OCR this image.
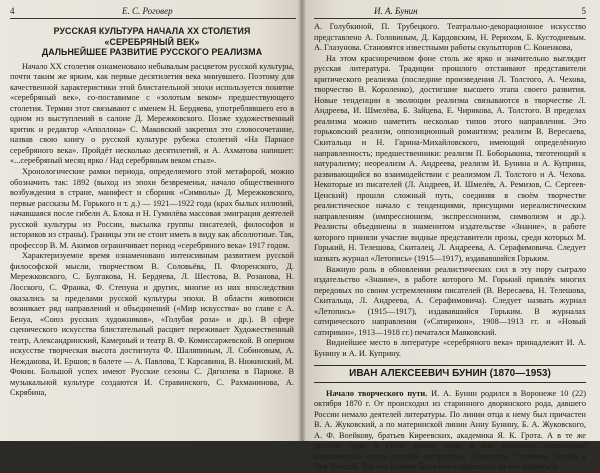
4	Е. С. Роговер
РУССКАЯ КУЛЬТУРА НАЧАЛА XX СТОЛЕТИЯ
«СЕРЕБРЯНЫЙ ВЕК»
ДАЛЬНЕЙШЕЕ РАЗВИТИЕ РУССКОГО РЕАЛИЗМА

Начало XX столетия ознаменовано небывалым расцветом русской культуры, почти таким же ярким, как первые десятилетия века минувшего. Поэтому для качественной характеристики этой блистательной эпохи используется понятие «серебряный век», со-поставимое с «золотым веком» предшествующего столетия. Термин этот связывают с именем Н. Бердяева, употреблявшего его в одном из выступлений в салоне Д. Мережковского. Позже художественный критик и редактор «Аполлона» С. Маковский закрепил это словосочетание, назвав свою книгу о русской культуре рубежа столетий «На Парнасе серебряного века». Пройдёт несколько десятилетий, и А. Ахматова напишет: «...серебряный месяц ярко / Над серебряным веком стыл».

Хронологические рамки периода, определяемого этой метафорой, можно обозначить так: 1892 (выход из эпохи безвременья, начало общественного возбуждения в стране, манифест и сборник «Символы» Д. Мережковского, первые рассказы М. Горького и т. д.) — 1921—1922 года (крах былых иллюзий, начавшаяся после гибели А. Блока и Н. Гумилёва массовая эмиграция деятелей русской культуры из России, высылка группы писателей, философов и историков из страны). Границы эти не стоит иметь в виду как абсолютные. Так, профессор В. М. Акимов ограничивает период «серебряного века» 1917 годом.

Характеризуемое время ознаменовано интенсивным развитием русской философской мысли, творчеством В. Соловьёва, П. Флоренского, Д. Мережковского, С. Булгакова, Н. Бердяева, Л. Шестова, В. Розанова, Н. Лосского, С. Франка, Ф. Степуна и других, многие из них впоследствии оказались за пределами русской культуры эпохи. В области живописи возникает ряд направлений и объединений («Мир искусства» во главе с А. Бенуа, «Союз русских художников», «Голубая роза» и др.). В сфере сценического искусства блистательный расцвет переживает Художественный театр, Александринский, Камерный и театр В. Ф. Комиссаржевской. В оперном искусстве творческая высота достигнута Ф. Шаляпиным, Л. Собиновым, А. Нежданова, И. Ершов; в балете — А. Павлова, Т. Карсавина, В. Нижинский, М. Фокин. Большой успех имеют Русские сезоны С. Дягилева в Париже. В музыкальной культуре создаются И. Стравинского, С. Рахманинова, А. Скрябина,

И. А. Бунин	5

А. Голубкиной, П. Трубецкого. Театрально-декорационное искусство представлено А. Головиным, Д. Кардовским, Н. Рерихом, Б. Кустодиевым. А. Глазунова. Становятся известными работы скульпторов С. Коненкова,

На этом красноречивом фоне столь же ярко и значительно выглядит русская литература. Традиции прошлого отстаивают представители критического реализма (последние произведения Л. Толстого, А. Чехова, творчество В. Короленко), достигшие высшего этапа своего развития. Новые тенденции в эволюции реализма связываются в творчестве Л. Андреева, И. Шмелёва, Б. Зайцева, Е. Чирикова, А. Толстого. В пределах реализма можно наметить несколько типов этого направления. Это горьковский реализм, оппозиционный романтизм; реализм В. Вересаева, Скитальца и Н. Гарина-Михайловского, имеющий определённую направленность; предшественники: реализм П. Боборыкина, тяготеющий к натурализму; неореализм А. Андреева, реализм И. Бунина и А. Куприна, развивающийся во взаимодействии с реализмом Л. Толстого и А. Чехова. Некоторые из писателей (Л. Андреев, И. Шмелёв, А. Ремизов, С. Сергеев-Ценский) прошли сложный путь, соединяя в своём творчестве реалистическое начало с тенденциями, присущими нереалистическим направлениям (импрессионизм, экспрессионизм, символизм и др.). Реалисты объединены в знаменитом издательстве «Знание», в работе которого приняли участие видные представители прозы, среди которых М. Горький, Н. Телешова, Скиталец, Л. Андреева, А. Серафимовича. Следует назвать журнал «Летопись» (1915—1917), издававшийся Горьким.

Важную роль в обновлении реалистических сил в эту пору сыграло издательство «Знание», в работе которого М. Горький привлёк многих передовых по своим устремлениям писателей (В. Вересаева, Н. Телешова, Скитальца, Л. Андреева, А. Серафимовича). Следует назвать журнал «Летопись» (1915—1917), издававшийся Горьким. В журналах сатирического направления («Сатирикон», 1908—1913 гг. и «Новый сатирикон», 1913—1918 гг.) печатался Маяковский.

Виднейшее место в литературе «серебряного века» принадлежит И. А. Бунину и А. И. Куприну.

ИВАН АЛЕКСЕЕВИЧ БУНИН (1870—1953)

Начало творческого пути. И. А. Бунин родился в Воронеже 10 (22) октября 1870 г. От происходил из старинного дворянского рода, давшего России немало деятелей литературы. По линии отца к нему был причастен В. А. Жуковский, а по материнской линии Анну Бунину, Б. А. Жуковского, А. Ф. Воейкову, братьев Киреевских, академика Я. К. Грота. А в те же детские годы, в столь давние годы, в них вызывали восхищение классические поэты русской литературы: Лермонтов, Тургенев, Лесков и Лев Толстой. Так что Бунину было чем гордиться и на что опереться.
